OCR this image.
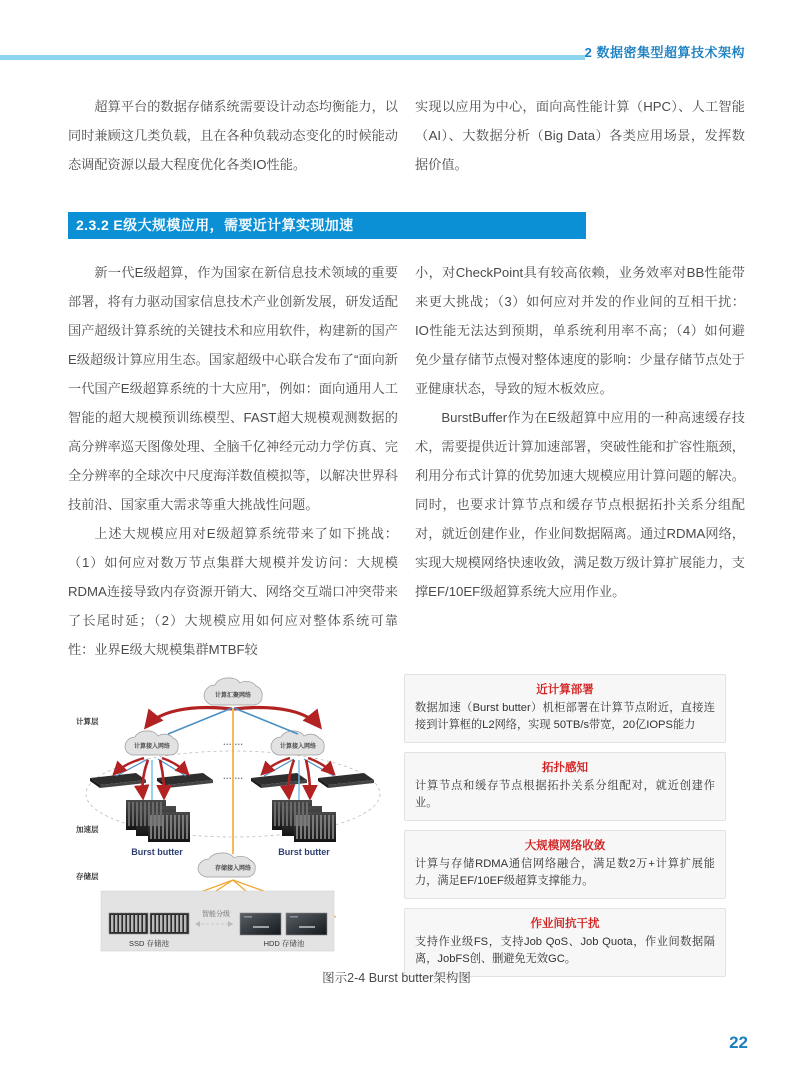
2 数据密集型超算技术架构

超算平台的数据存储系统需要设计动态均衡能力，以同时兼顾这几类负载，且在各种负载动态变化的时候能动态调配资源以最大程度优化各类IO性能。

实现以应用为中心，面向高性能计算（HPC）、人工智能（AI）、大数据分析（Big Data）各类应用场景，发挥数据价值。

2.3.2 E级大规模应用，需要近计算实现加速

新一代E级超算，作为国家在新信息技术领域的重要部署，将有力驱动国家信息技术产业创新发展，研发适配国产超级计算系统的关键技术和应用软件，构建新的国产E级超级计算应用生态。国家超级中心联合发布了“面向新一代国产E级超算系统的十大应用”，例如：面向通用人工智能的超大规模预训练模型、FAST超大规模观测数据的高分辨率巡天图像处理、全脑千亿神经元动力学仿真、完全分辨率的全球次中尺度海洋数值模拟等，以解决世界科技前沿、国家重大需求等重大挑战性问题。

上述大规模应用对E级超算系统带来了如下挑战：（1）如何应对数万节点集群大规模并发访问：大规模RDMA连接导致内存资源开销大、网络交互端口冲突带来了长尾时延；（2）大规模应用如何应对整体系统可靠性：业界E级大规模集群MTBF较

小，对CheckPoint具有较高依赖，业务效率对BB性能带来更大挑战；（3）如何应对并发的作业间的互相干扰：IO性能无法达到预期，单系统利用率不高；（4）如何避免少量存储节点慢对整体速度的影响：少量存储节点处于亚健康状态，导致的短木板效应。

BurstBuffer作为在E级超算中应用的一种高速缓存技术，需要提供近计算加速部署，突破性能和扩容性瓶颈，利用分布式计算的优势加速大规模应用计算问题的解决。同时，也要求计算节点和缓存节点根据拓扑关系分组配对，就近创建作业，作业间数据隔离。通过RDMA网络，实现大规模网络快速收敛，满足数万级计算扩展能力，支撑EF/10EF级超算系统大应用作业。

计算层
加速层
存储层
计算汇聚网络
计算接入网络	计算接入网络
… …
… …
Burst butter	Burst butter
存储接入网络
SSD 存储池	HDD 存储池
智能分级
近计算部署
数据加速（Burst butter）机柜部署在计算节点附近，直接连接到计算框的L2网络，实现 50TB/s带宽，20亿IOPS能力
拓扑感知
计算节点和缓存节点根据拓扑关系分组配对，就近创建作业。
大规模网络收敛
计算与存储RDMA通信网络融合，满足数2万+计算扩展能力，满足EF/10EF级超算支撑能力。
作业间抗干扰
支持作业级FS，支持Job QoS、Job Quota，作业间数据隔离，JobFS创、删避免无效GC。
图示2-4 Burst butter架构图
22
